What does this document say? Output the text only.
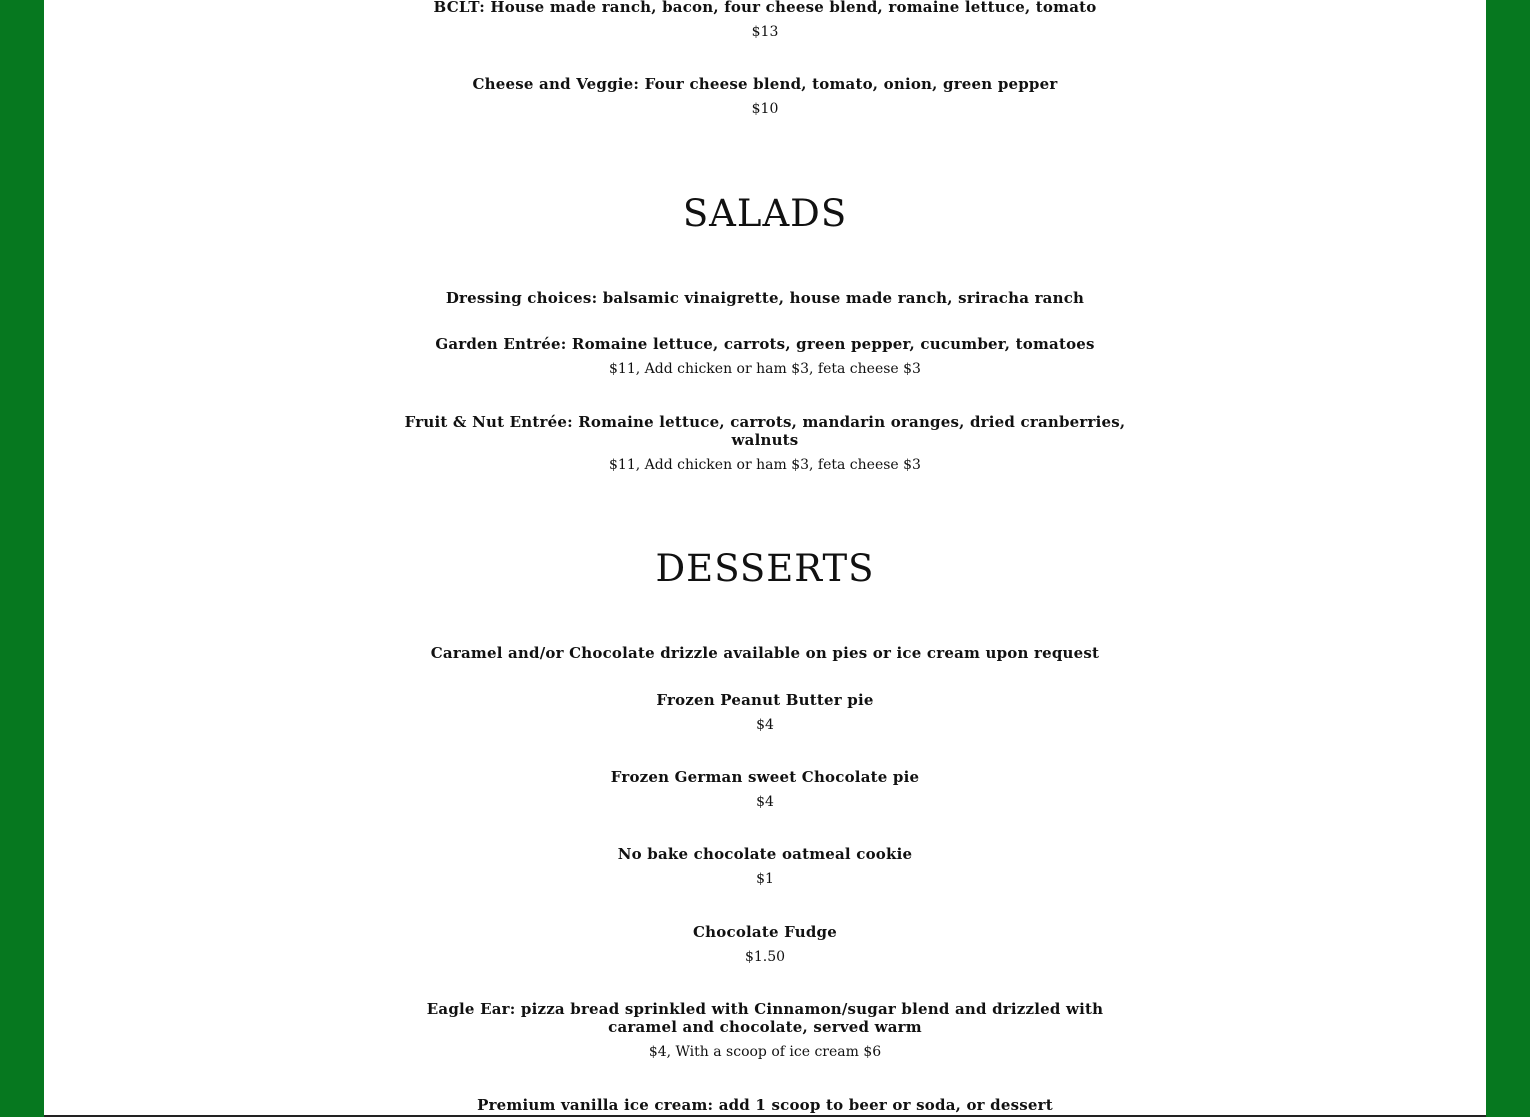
BCLT: House made ranch, bacon, four cheese blend, romaine lettuce, tomato
$13
Cheese and Veggie: Four cheese blend, tomato, onion, green pepper
$10
SALADS
Dressing choices: balsamic vinaigrette, house made ranch, sriracha ranch
Garden Entrée: Romaine lettuce, carrots, green pepper, cucumber, tomatoes
$11, Add chicken or ham $3, feta cheese $3
Fruit & Nut Entrée: Romaine lettuce, carrots, mandarin oranges, dried cranberries,
walnuts
$11, Add chicken or ham $3, feta cheese $3
DESSERTS
Caramel and/or Chocolate drizzle available on pies or ice cream upon request
Frozen Peanut Butter pie
$4
Frozen German sweet Chocolate pie
$4
No bake chocolate oatmeal cookie
$1
Chocolate Fudge
$1.50
Eagle Ear: pizza bread sprinkled with Cinnamon/sugar blend and drizzled with
caramel and chocolate, served warm
$4, With a scoop of ice cream $6
Premium vanilla ice cream: add 1 scoop to beer or soda, or dessert
